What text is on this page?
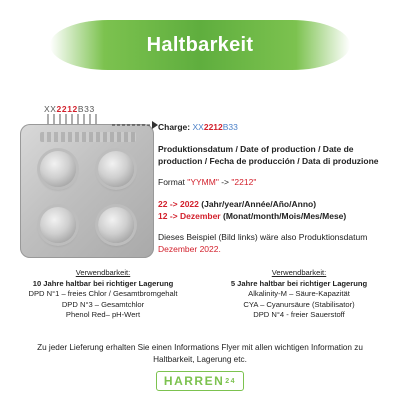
Haltbarkeit
XX2212B33
Charge: XX2212B33
Produktionsdatum / Date of production / Date de production / Fecha de producción / Data di produzione
Format "YYMM" -> "2212"
22 -> 2022 (Jahr/year/Année/Año/Anno)
12 -> Dezember (Monat/month/Mois/Mes/Mese)
Dieses Beispiel (Bild links) wäre also Produktionsdatum
Dezember 2022.
Verwendbarkeit:
10 Jahre haltbar bei richtiger Lagerung
DPD N°1 – freies Chlor / Gesamtbromgehalt
DPD N°3 – Gesamtchlor
Phenol Red– pH-Wert
Verwendbarkeit:
5 Jahre haltbar bei richtiger Lagerung
Alkalinity-M – Säure-Kapazität
CYA – Cyanursäure (Stabilisator)
DPD N°4 - freier Sauerstoff
Zu jeder Lieferung erhalten Sie einen Informations Flyer mit allen wichtigen Information zu Haltbarkeit, Lagerung etc.
HARREN 24
